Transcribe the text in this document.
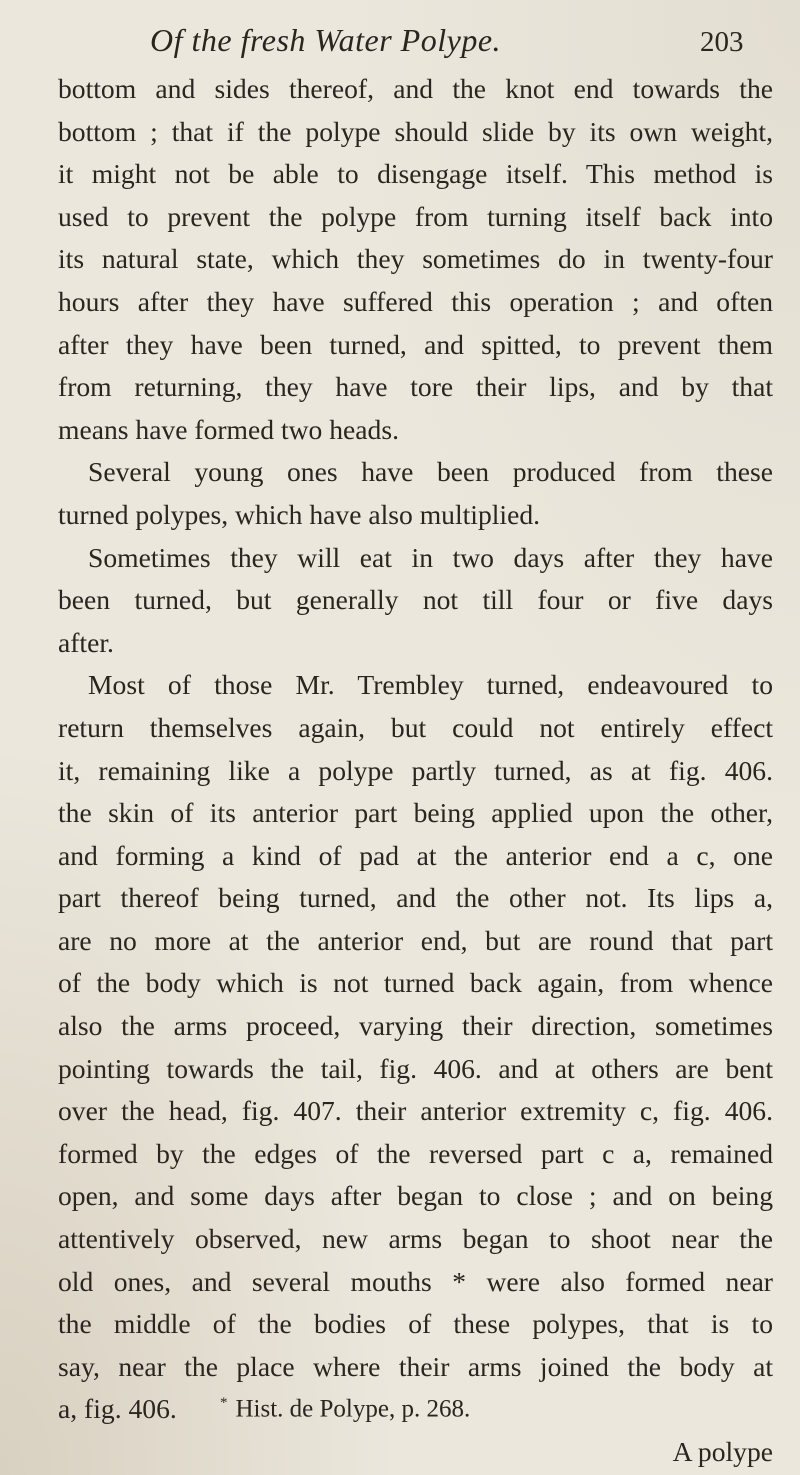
Of the fresh Water Polype.	203
bottom and sides thereof, and the knot end towards the
bottom ; that if the polype should slide by its own weight,
it might not be able to disengage itself. This method is
used to prevent the polype from turning itself back into
its natural state, which they sometimes do in twenty-four
hours after they have suffered this operation ; and often
after they have been turned, and spitted, to prevent them
from returning, they have tore their lips, and by that
means have formed two heads.
Several young ones have been produced from these
turned polypes, which have also multiplied.
Sometimes they will eat in two days after they have
been turned, but generally not till four or five days
after.
Most of those Mr. Trembley turned, endeavoured to
return themselves again, but could not entirely effect
it, remaining like a polype partly turned, as at fig. 406.
the skin of its anterior part being applied upon the other,
and forming a kind of pad at the anterior end a c, one
part thereof being turned, and the other not. Its lips a,
are no more at the anterior end, but are round that part
of the body which is not turned back again, from whence
also the arms proceed, varying their direction, sometimes
pointing towards the tail, fig. 406. and at others are bent
over the head, fig. 407. their anterior extremity c, fig. 406.
formed by the edges of the reversed part c a, remained
open, and some days after began to close ; and on being
attentively observed, new arms began to shoot near the
old ones, and several mouths * were also formed near
the middle of the bodies of these polypes, that is to
say, near the place where their arms joined the body at
a, fig. 406.
A polype
* Hist. de Polype, p. 268.
